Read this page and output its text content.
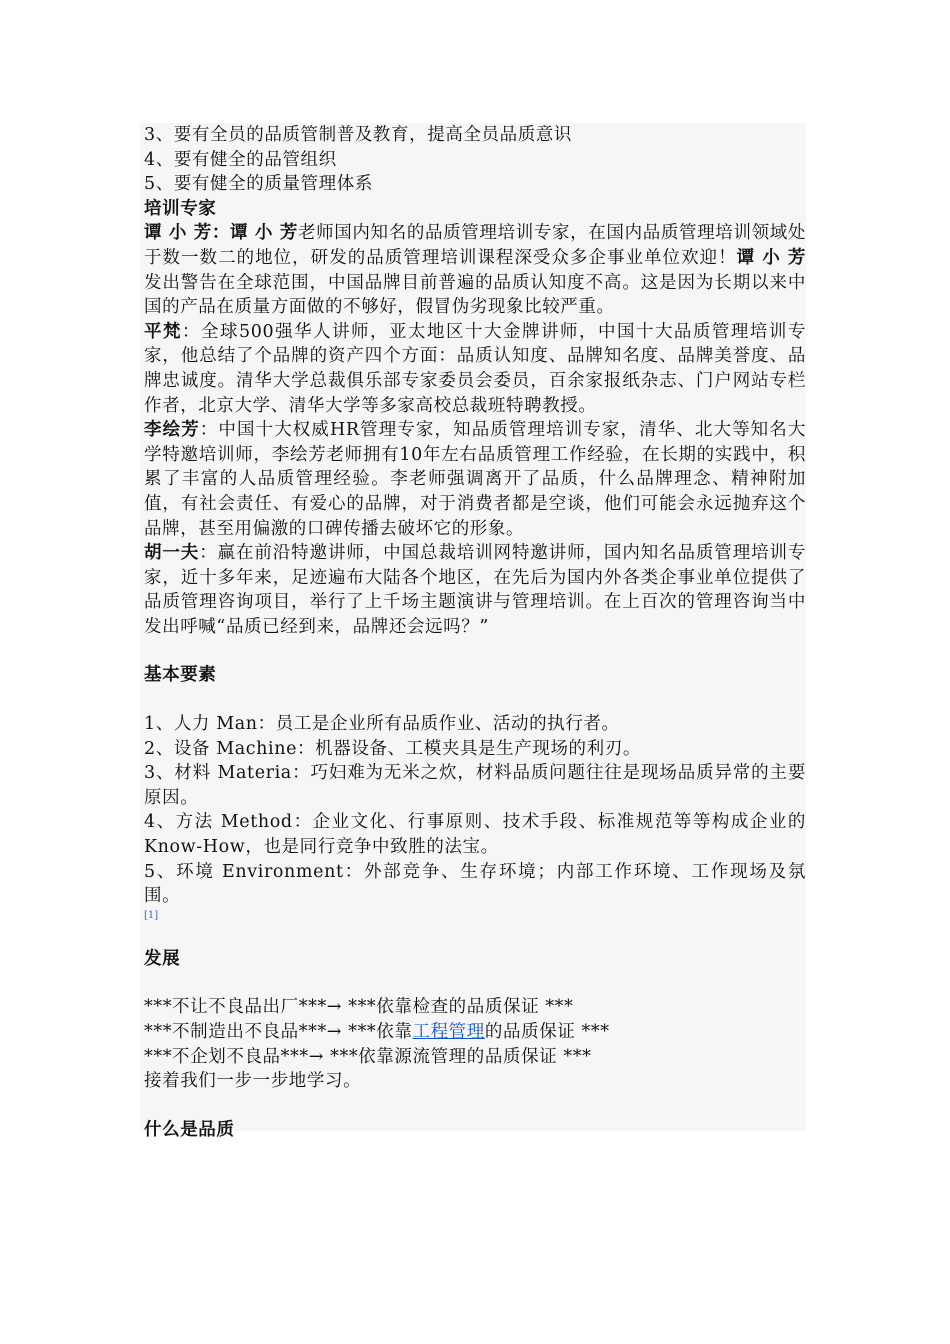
3、要有全员的品质管制普及教育，提高全员品质意识
4、要有健全的品管组织
5、要有健全的质量管理体系
培训专家
谭 小 芳：谭 小 芳老师国内知名的品质管理培训专家，在国内品质管理培训领域处于数一数二的地位，研发的品质管理培训课程深受众多企事业单位欢迎！谭 小 芳发出警告在全球范围，中国品牌目前普遍的品质认知度不高。这是因为长期以来中国的产品在质量方面做的不够好，假冒伪劣现象比较严重。
平梵：全球500强华人讲师，亚太地区十大金牌讲师，中国十大品质管理培训专家，他总结了个品牌的资产四个方面：品质认知度、品牌知名度、品牌美誉度、品牌忠诚度。清华大学总裁俱乐部专家委员会委员，百余家报纸杂志、门户网站专栏作者，北京大学、清华大学等多家高校总裁班特聘教授。
李绘芳：中国十大权威HR管理专家，知品质管理培训专家，清华、北大等知名大学特邀培训师，李绘芳老师拥有10年左右品质管理工作经验，在长期的实践中，积累了丰富的人品质管理经验。李老师强调离开了品质，什么品牌理念、精神附加值，有社会责任、有爱心的品牌，对于消费者都是空谈，他们可能会永远抛弃这个品牌，甚至用偏激的口碑传播去破坏它的形象。
胡一夫：赢在前沿特邀讲师，中国总裁培训网特邀讲师，国内知名品质管理培训专家，近十多年来，足迹遍布大陆各个地区，在先后为国内外各类企事业单位提供了品质管理咨询项目，举行了上千场主题演讲与管理培训。在上百次的管理咨询当中发出呼喊“品质已经到来，品牌还会远吗？”
基本要素
1、人力 Man：员工是企业所有品质作业、活动的执行者。
2、设备 Machine：机器设备、工模夹具是生产现场的利刃。
3、材料 Materia：巧妇难为无米之炊，材料品质问题往往是现场品质异常的主要原因。
4、方法 Method：企业文化、行事原则、技术手段、标准规范等等构成企业的Know-How，也是同行竞争中致胜的法宝。
5、环境 Environment：外部竞争、生存环境；内部工作环境、工作现场及氛围。
[1]
发展
***不让不良品出厂***→ ***依靠检查的品质保证 ***
***不制造出不良品***→ ***依靠工程管理的品质保证 ***
***不企划不良品***→ ***依靠源流管理的品质保证 ***
接着我们一步一步地学习。
什么是品质
